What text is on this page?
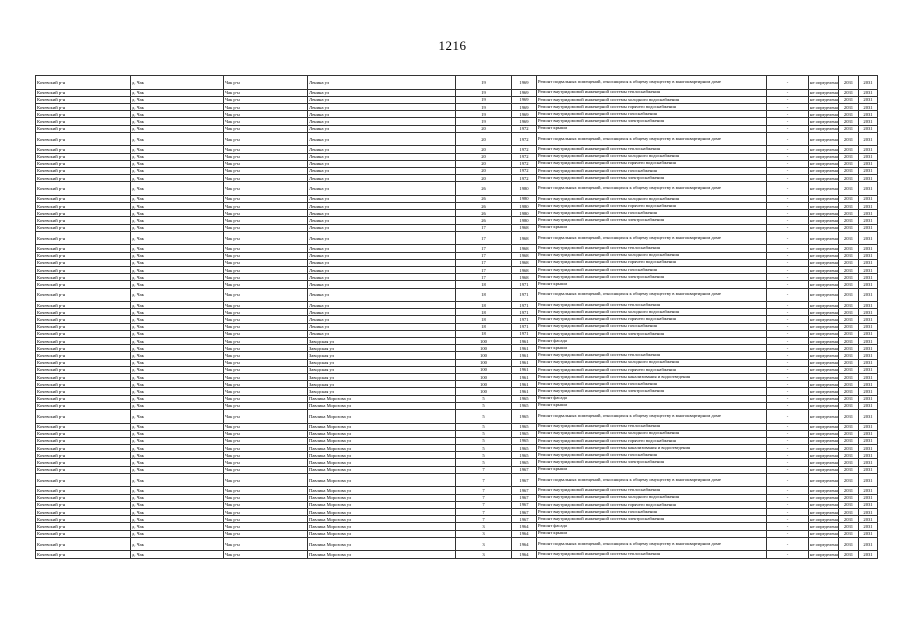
1216
Кочевский р-н	д. Чак	Чак р-н	Ленина ул	19	1969	Ремонт подвальных помещений, относящихся к общему имуществу в многоквартирном доме	-	не определена	2031	2031
Кочевский р-н	д. Чак	Чак р-н	Ленина ул	19	1969	Ремонт внутридомовой инженерной системы теплоснабжения	-	не определена	2031	2031
Кочевский р-н	д. Чак	Чак р-н	Ленина ул	19	1969	Ремонт внутридомовой инженерной системы холодного водоснабжения	-	не определена	2031	2031
Кочевский р-н	д. Чак	Чак р-н	Ленина ул	19	1969	Ремонт внутридомовой инженерной системы горячего водоснабжения	-	не определена	2031	2031
Кочевский р-н	д. Чак	Чак р-н	Ленина ул	19	1969	Ремонт внутридомовой инженерной системы газоснабжения	-	не определена	2031	2031
Кочевский р-н	д. Чак	Чак р-н	Ленина ул	19	1969	Ремонт внутридомовой инженерной системы электроснабжения	-	не определена	2031	2031
Кочевский р-н	д. Чак	Чак р-н	Ленина ул	20	1972	Ремонт крыши	-	не определена	2031	2031
Кочевский р-н	д. Чак	Чак р-н	Ленина ул	20	1972	Ремонт подвальных помещений, относящихся к общему имуществу в многоквартирном доме	-	не определена	2031	2031
Кочевский р-н	д. Чак	Чак р-н	Ленина ул	20	1972	Ремонт внутридомовой инженерной системы теплоснабжения	-	не определена	2031	2031
Кочевский р-н	д. Чак	Чак р-н	Ленина ул	20	1972	Ремонт внутридомовой инженерной системы холодного водоснабжения	-	не определена	2031	2031
Кочевский р-н	д. Чак	Чак р-н	Ленина ул	20	1972	Ремонт внутридомовой инженерной системы горячего водоснабжения	-	не определена	2031	2031
Кочевский р-н	д. Чак	Чак р-н	Ленина ул	20	1972	Ремонт внутридомовой инженерной системы газоснабжения	-	не определена	2031	2031
Кочевский р-н	д. Чак	Чак р-н	Ленина ул	20	1972	Ремонт внутридомовой инженерной системы электроснабжения	-	не определена	2031	2031
Кочевский р-н	д. Чак	Чак р-н	Ленина ул	26	1980	Ремонт подвальных помещений, относящихся к общему имуществу в многоквартирном доме	-	не определена	2031	2031
Кочевский р-н	д. Чак	Чак р-н	Ленина ул	26	1980	Ремонт внутридомовой инженерной системы холодного водоснабжения	-	не определена	2031	2031
Кочевский р-н	д. Чак	Чак р-н	Ленина ул	26	1980	Ремонт внутридомовой инженерной системы горячего водоснабжения	-	не определена	2031	2031
Кочевский р-н	д. Чак	Чак р-н	Ленина ул	26	1980	Ремонт внутридомовой инженерной системы газоснабжения	-	не определена	2031	2031
Кочевский р-н	д. Чак	Чак р-н	Ленина ул	26	1980	Ремонт внутридомовой инженерной системы электроснабжения	-	не определена	2031	2031
Кочевский р-н	д. Чак	Чак р-н	Ленина ул	17	1968	Ремонт крыши	-	не определена	2031	2031
Кочевский р-н	д. Чак	Чак р-н	Ленина ул	17	1968	Ремонт подвальных помещений, относящихся к общему имуществу в многоквартирном доме	-	не определена	2031	2031
Кочевский р-н	д. Чак	Чак р-н	Ленина ул	17	1968	Ремонт внутридомовой инженерной системы теплоснабжения	-	не определена	2031	2031
Кочевский р-н	д. Чак	Чак р-н	Ленина ул	17	1968	Ремонт внутридомовой инженерной системы холодного водоснабжения	-	не определена	2031	2031
Кочевский р-н	д. Чак	Чак р-н	Ленина ул	17	1968	Ремонт внутридомовой инженерной системы горячего водоснабжения	-	не определена	2031	2031
Кочевский р-н	д. Чак	Чак р-н	Ленина ул	17	1968	Ремонт внутридомовой инженерной системы газоснабжения	-	не определена	2031	2031
Кочевский р-н	д. Чак	Чак р-н	Ленина ул	17	1968	Ремонт внутридомовой инженерной системы электроснабжения	-	не определена	2031	2031
Кочевский р-н	д. Чак	Чак р-н	Ленина ул	18	1971	Ремонт крыши	-	не определена	2031	2031
Кочевский р-н	д. Чак	Чак р-н	Ленина ул	18	1971	Ремонт подвальных помещений, относящихся к общему имуществу в многоквартирном доме	-	не определена	2031	2031
Кочевский р-н	д. Чак	Чак р-н	Ленина ул	18	1971	Ремонт внутридомовой инженерной системы теплоснабжения	-	не определена	2031	2031
Кочевский р-н	д. Чак	Чак р-н	Ленина ул	18	1971	Ремонт внутридомовой инженерной системы холодного водоснабжения	-	не определена	2031	2031
Кочевский р-н	д. Чак	Чак р-н	Ленина ул	18	1971	Ремонт внутридомовой инженерной системы горячего водоснабжения	-	не определена	2031	2031
Кочевский р-н	д. Чак	Чак р-н	Ленина ул	18	1971	Ремонт внутридомовой инженерной системы газоснабжения	-	не определена	2031	2031
Кочевский р-н	д. Чак	Чак р-н	Ленина ул	18	1971	Ремонт внутридомовой инженерной системы электроснабжения	-	не определена	2031	2031
Кочевский р-н	д. Чак	Чак р-н	Заводская ул	100	1961	Ремонт фасада	-	не определена	2031	2031
Кочевский р-н	д. Чак	Чак р-н	Заводская ул	100	1961	Ремонт крыши	-	не определена	2031	2031
Кочевский р-н	д. Чак	Чак р-н	Заводская ул	100	1961	Ремонт внутридомовой инженерной системы теплоснабжения	-	не определена	2031	2031
Кочевский р-н	д. Чак	Чак р-н	Заводская ул	100	1961	Ремонт внутридомовой инженерной системы холодного водоснабжения	-	не определена	2031	2031
Кочевский р-н	д. Чак	Чак р-н	Заводская ул	100	1961	Ремонт внутридомовой инженерной системы горячего водоснабжения	-	не определена	2031	2031
Кочевский р-н	д. Чак	Чак р-н	Заводская ул	100	1961	Ремонт внутридомовой инженерной системы канализования и водоотведения	-	не определена	2031	2031
Кочевский р-н	д. Чак	Чак р-н	Заводская ул	100	1961	Ремонт внутридомовой инженерной системы газоснабжения	-	не определена	2031	2031
Кочевский р-н	д. Чак	Чак р-н	Заводская ул	100	1961	Ремонт внутридомовой инженерной системы электроснабжения	-	не определена	2031	2031
Кочевский р-н	д. Чак	Чак р-н	Павлика Морозова ул	5	1965	Ремонт фасада	-	не определена	2031	2031
Кочевский р-н	д. Чак	Чак р-н	Павлика Морозова ул	5	1965	Ремонт крыши	-	не определена	2031	2031
Кочевский р-н	д. Чак	Чак р-н	Павлика Морозова ул	5	1965	Ремонт подвальных помещений, относящихся к общему имуществу в многоквартирном доме	-	не определена	2031	2031
Кочевский р-н	д. Чак	Чак р-н	Павлика Морозова ул	5	1965	Ремонт внутридомовой инженерной системы теплоснабжения	-	не определена	2031	2031
Кочевский р-н	д. Чак	Чак р-н	Павлика Морозова ул	5	1965	Ремонт внутридомовой инженерной системы холодного водоснабжения	-	не определена	2031	2031
Кочевский р-н	д. Чак	Чак р-н	Павлика Морозова ул	5	1965	Ремонт внутридомовой инженерной системы горячего водоснабжения	-	не определена	2031	2031
Кочевский р-н	д. Чак	Чак р-н	Павлика Морозова ул	5	1965	Ремонт внутридомовой инженерной системы канализования и водоотведения	-	не определена	2031	2031
Кочевский р-н	д. Чак	Чак р-н	Павлика Морозова ул	5	1965	Ремонт внутридомовой инженерной системы газоснабжения	-	не определена	2031	2031
Кочевский р-н	д. Чак	Чак р-н	Павлика Морозова ул	5	1965	Ремонт внутридомовой инженерной системы электроснабжения	-	не определена	2031	2031
Кочевский р-н	д. Чак	Чак р-н	Павлика Морозова ул	7	1967	Ремонт крыши	-	не определена	2031	2031
Кочевский р-н	д. Чак	Чак р-н	Павлика Морозова ул	7	1967	Ремонт подвальных помещений, относящихся к общему имуществу в многоквартирном доме	-	не определена	2031	2031
Кочевский р-н	д. Чак	Чак р-н	Павлика Морозова ул	7	1967	Ремонт внутридомовой инженерной системы теплоснабжения	-	не определена	2031	2031
Кочевский р-н	д. Чак	Чак р-н	Павлика Морозова ул	7	1967	Ремонт внутридомовой инженерной системы холодного водоснабжения	-	не определена	2031	2031
Кочевский р-н	д. Чак	Чак р-н	Павлика Морозова ул	7	1967	Ремонт внутридомовой инженерной системы горячего водоснабжения	-	не определена	2031	2031
Кочевский р-н	д. Чак	Чак р-н	Павлика Морозова ул	7	1967	Ремонт внутридомовой инженерной системы газоснабжения	-	не определена	2031	2031
Кочевский р-н	д. Чак	Чак р-н	Павлика Морозова ул	7	1967	Ремонт внутридомовой инженерной системы электроснабжения	-	не определена	2031	2031
Кочевский р-н	д. Чак	Чак р-н	Павлика Морозова ул	3	1964	Ремонт фасада	-	не определена	2031	2031
Кочевский р-н	д. Чак	Чак р-н	Павлика Морозова ул	3	1964	Ремонт крыши	-	не определена	2031	2031
Кочевский р-н	д. Чак	Чак р-н	Павлика Морозова ул	3	1964	Ремонт подвальных помещений, относящихся к общему имуществу в многоквартирном доме	-	не определена	2031	2031
Кочевский р-н	д. Чак	Чак р-н	Павлика Морозова ул	3	1964	Ремонт внутридомовой инженерной системы теплоснабжения	-	не определена	2031	2031
